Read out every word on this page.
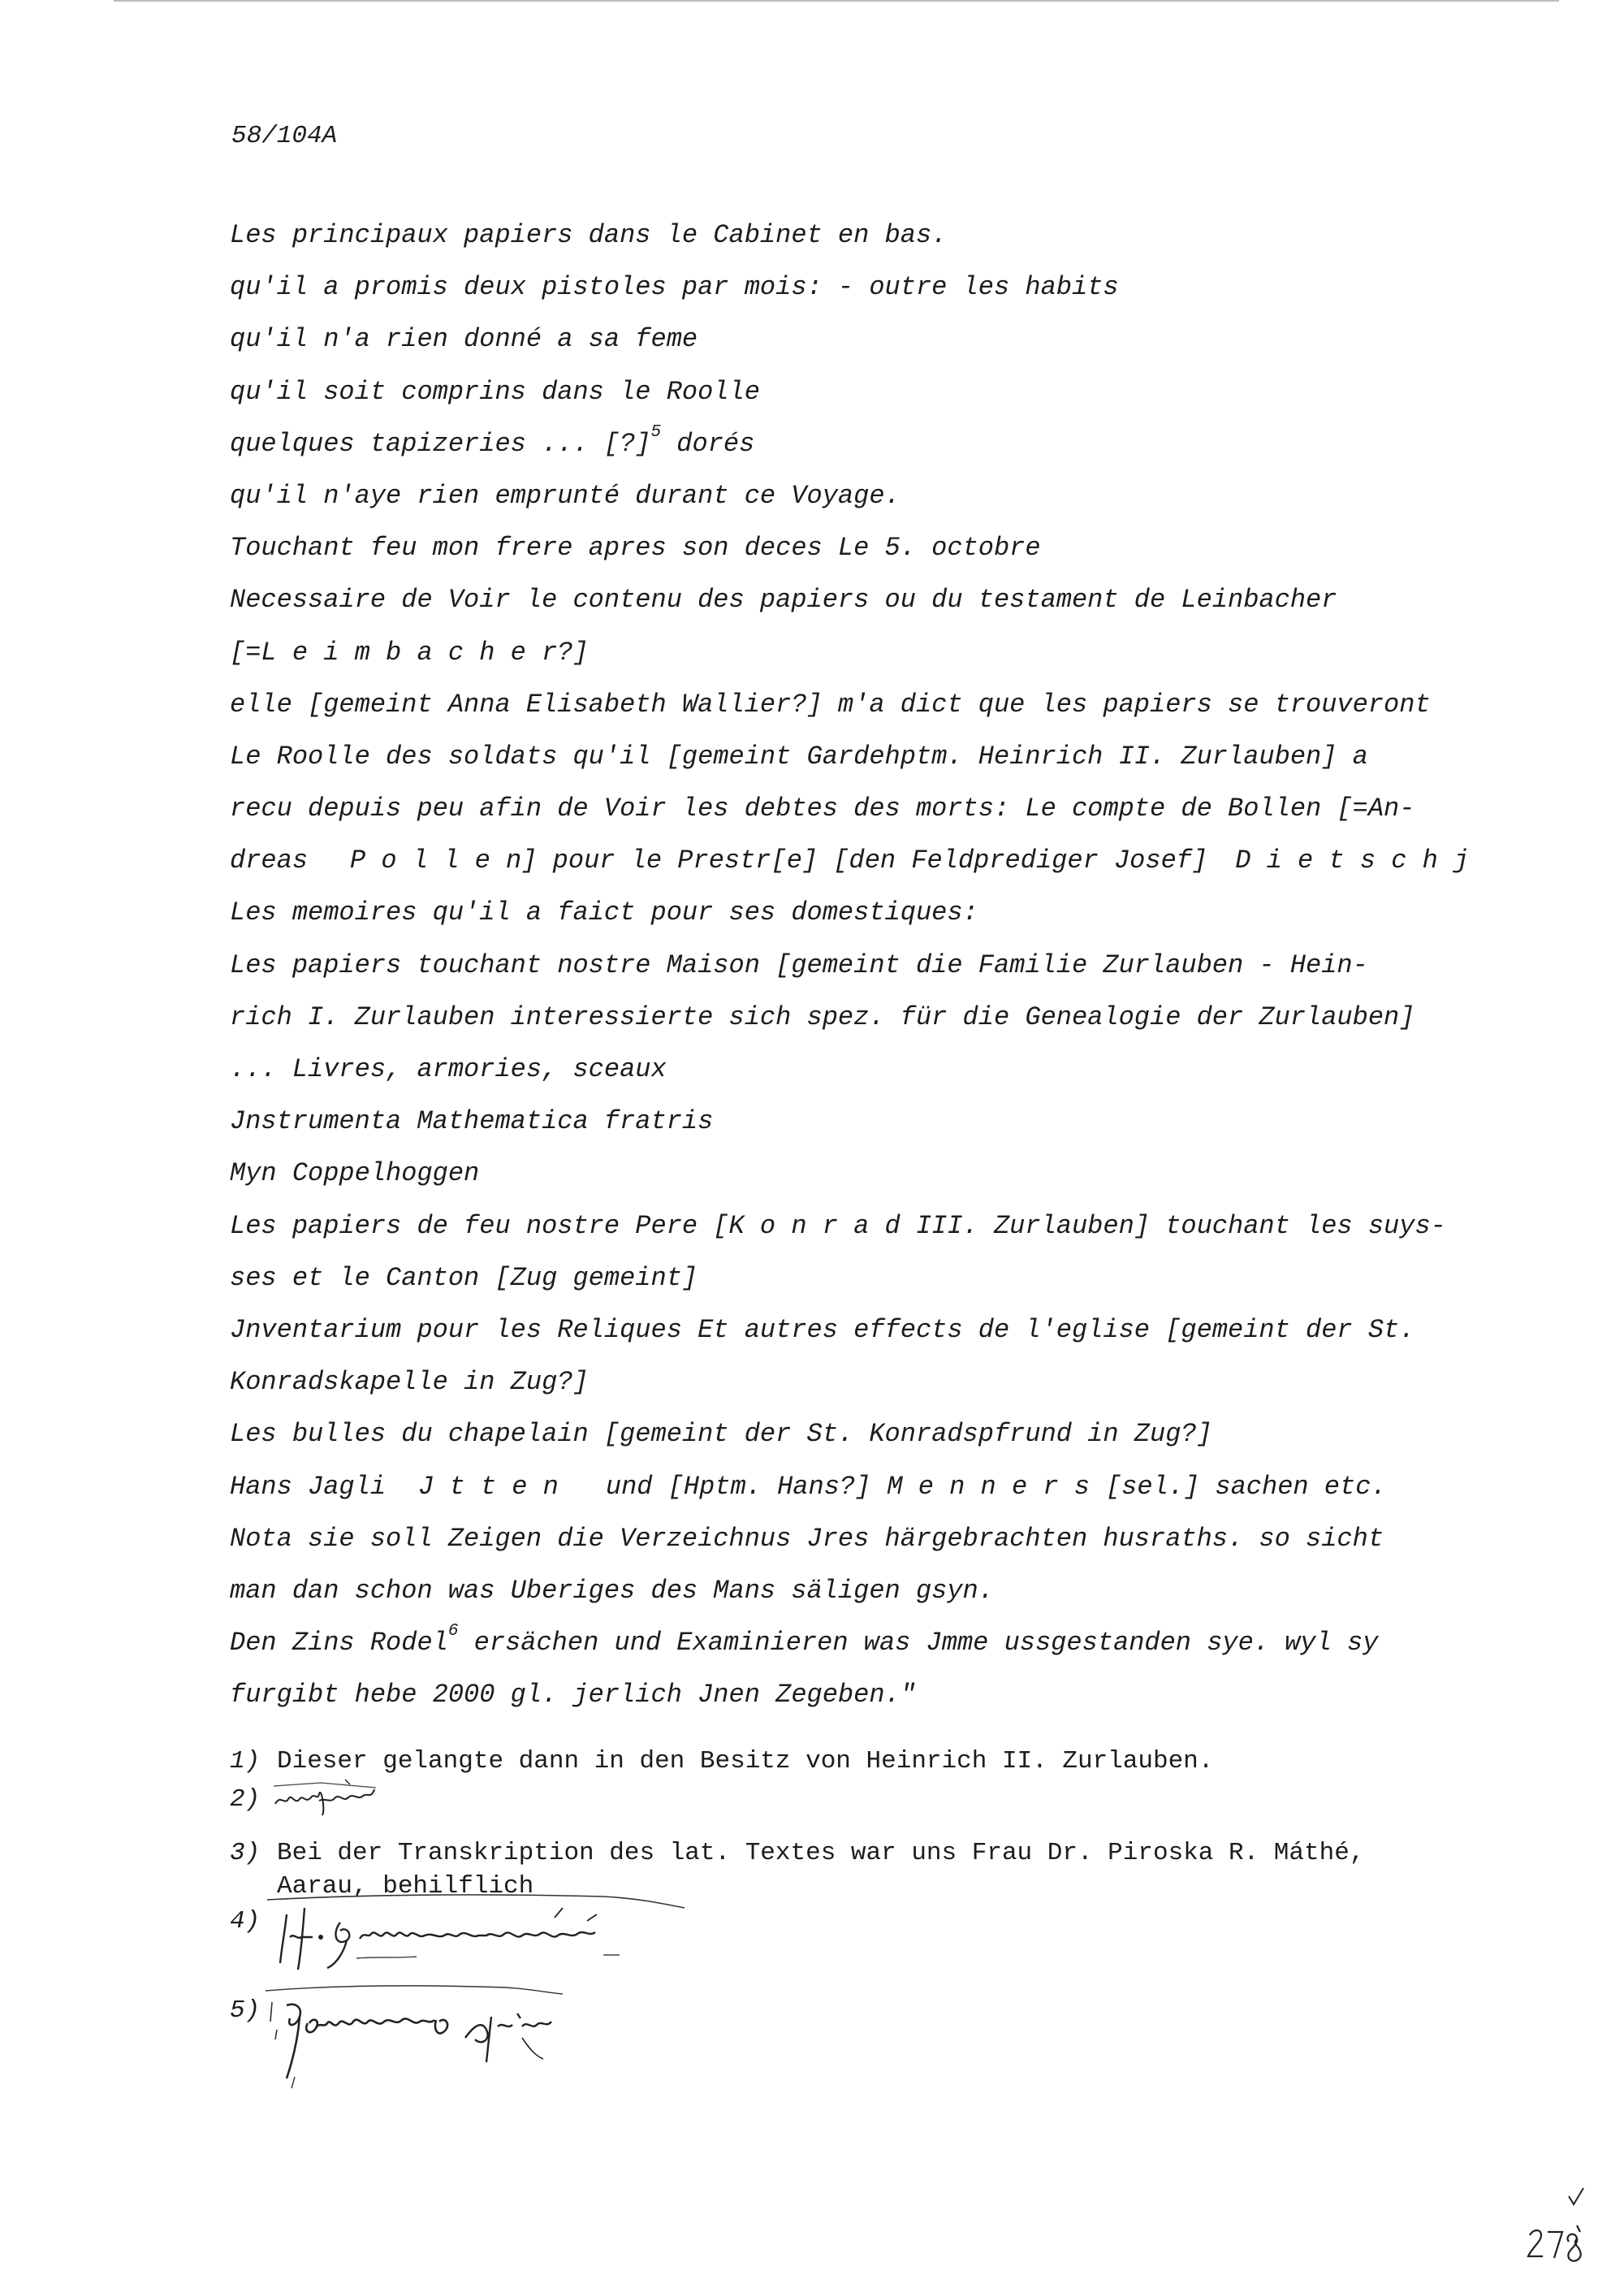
58/104A
Les principaux papiers dans le Cabinet en bas.
qu'il a promis deux pistoles par mois: - outre les habits
qu'il n'a rien donné a sa feme
qu'il soit comprins dans le Roolle
quelques tapizeries ... [?]$^5$ dorés
qu'il n'aye rien emprunté durant ce Voyage.
Touchant feu mon frere apres son deces Le 5. octobre
Necessaire de Voir le contenu des papiers ou du testament de Leinbacher
[=L e i m b a c h e r?]
elle [gemeint Anna Elisabeth Wallier?] m'a dict que les papiers se trouveront
Le Roolle des soldats qu'il [gemeint Gardehptm. Heinrich II. Zurlauben] a
recu depuis peu afin de Voir les debtes des morts: Le compte de Bollen [=An-
dreas P o l l e n] pour le Prestr[e] [den Feldprediger Josef] D i e t s c h j
Les memoires qu'il a faict pour ses domestiques:
Les papiers touchant nostre Maison [gemeint die Familie Zurlauben - Hein-
rich I. Zurlauben interessierte sich spez. für die Genealogie der Zurlauben]
... Livres, armories, sceaux
Jnstrumenta Mathematica fratris
Myn Coppelhoggen
Les papiers de feu nostre Pere [K o n r a d III. Zurlauben] touchant les suys-
ses et le Canton [Zug gemeint]
Jnventarium pour les Reliques Et autres effects de l'eglise [gemeint der St.
Konradskapelle in Zug?]
Les bulles du chapelain [gemeint der St. Konradspfrund in Zug?]
Hans Jagli J t t e n und [Hptm. Hans?] M e n n e r s [sel.] sachen etc.
Nota sie soll Zeigen die Verzeichnus Jres härgebrachten husraths. so sicht
man dan schon was Uberiges des Mans säligen gsyn.
Den Zins Rodel$^6$ ersächen und Examinieren was Jmme ussgestanden sye. wyl sy
furgibt hebe 2000 gl. jerlich Jnen Zegeben."
1) Dieser gelangte dann in den Besitz von Heinrich II. Zurlauben.
2)
3) Bei der Transkription des lat. Textes war uns Frau Dr. Piroska R. Máthé,
Aarau, behilflich
4)
5)
